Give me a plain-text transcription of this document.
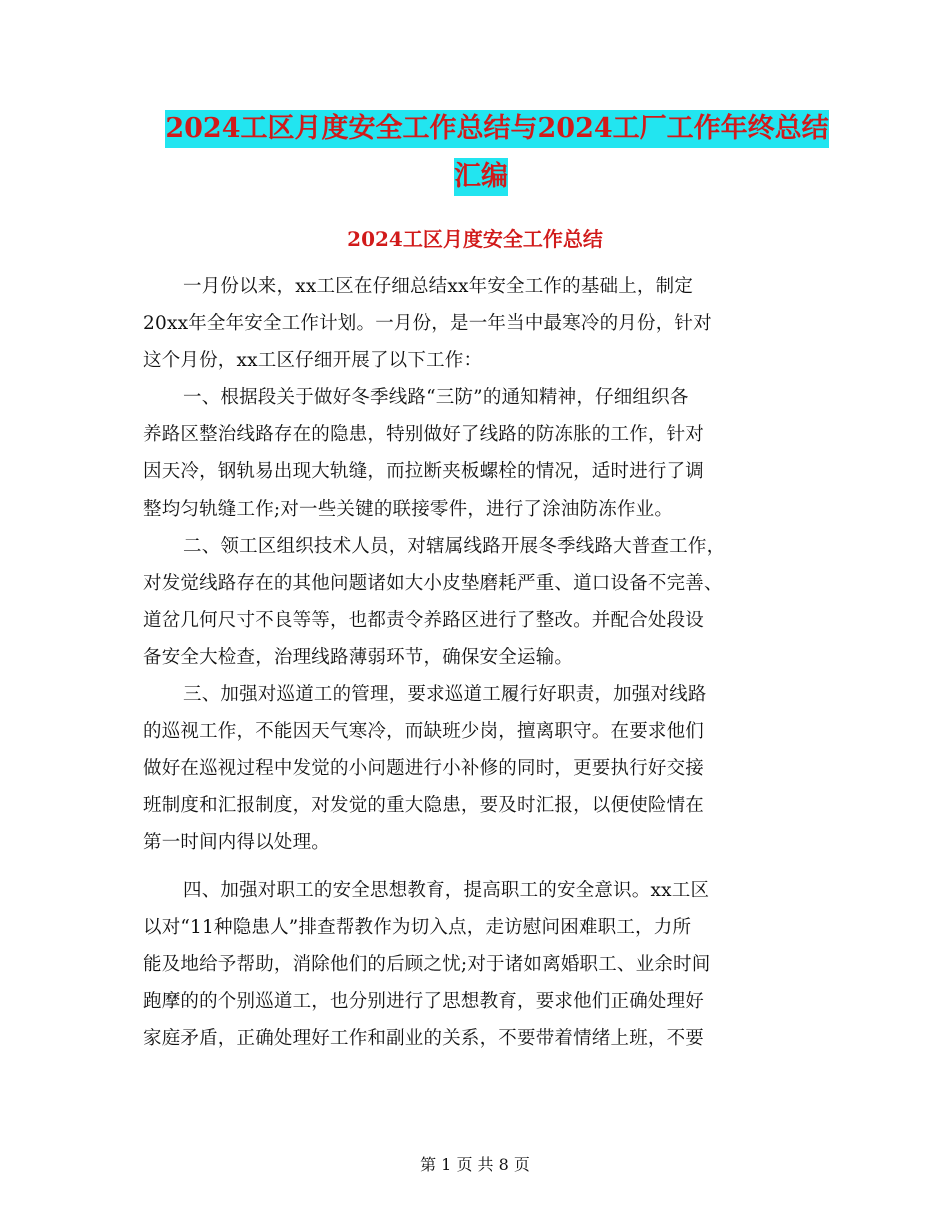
2024工区月度安全工作总结与2024工厂工作年终总结
汇编
2024工区月度安全工作总结
一月份以来，xx工区在仔细总结xx年安全工作的基础上，制定
20xx年全年安全工作计划。一月份，是一年当中最寒冷的月份，针对
这个月份，xx工区仔细开展了以下工作：
一、根据段关于做好冬季线路“三防”的通知精神，仔细组织各
养路区整治线路存在的隐患，特别做好了线路的防冻胀的工作，针对
因天冷，钢轨易出现大轨缝，而拉断夹板螺栓的情况，适时进行了调
整均匀轨缝工作;对一些关键的联接零件，进行了涂油防冻作业。
二、领工区组织技术人员，对辖属线路开展冬季线路大普查工作，
对发觉线路存在的其他问题诸如大小皮垫磨耗严重、道口设备不完善、
道岔几何尺寸不良等等，也都责令养路区进行了整改。并配合处段设
备安全大检查，治理线路薄弱环节，确保安全运输。
三、加强对巡道工的管理，要求巡道工履行好职责，加强对线路
的巡视工作，不能因天气寒冷，而缺班少岗，擅离职守。在要求他们
做好在巡视过程中发觉的小问题进行小补修的同时，更要执行好交接
班制度和汇报制度，对发觉的重大隐患，要及时汇报，以便使险情在
第一时间内得以处理。
四、加强对职工的安全思想教育，提高职工的安全意识。xx工区
以对“11种隐患人”排查帮教作为切入点，走访慰问困难职工，力所
能及地给予帮助，消除他们的后顾之忧;对于诸如离婚职工、业余时间
跑摩的的个别巡道工，也分别进行了思想教育，要求他们正确处理好
家庭矛盾，正确处理好工作和副业的关系，不要带着情绪上班，不要
第 1 页 共 8 页
